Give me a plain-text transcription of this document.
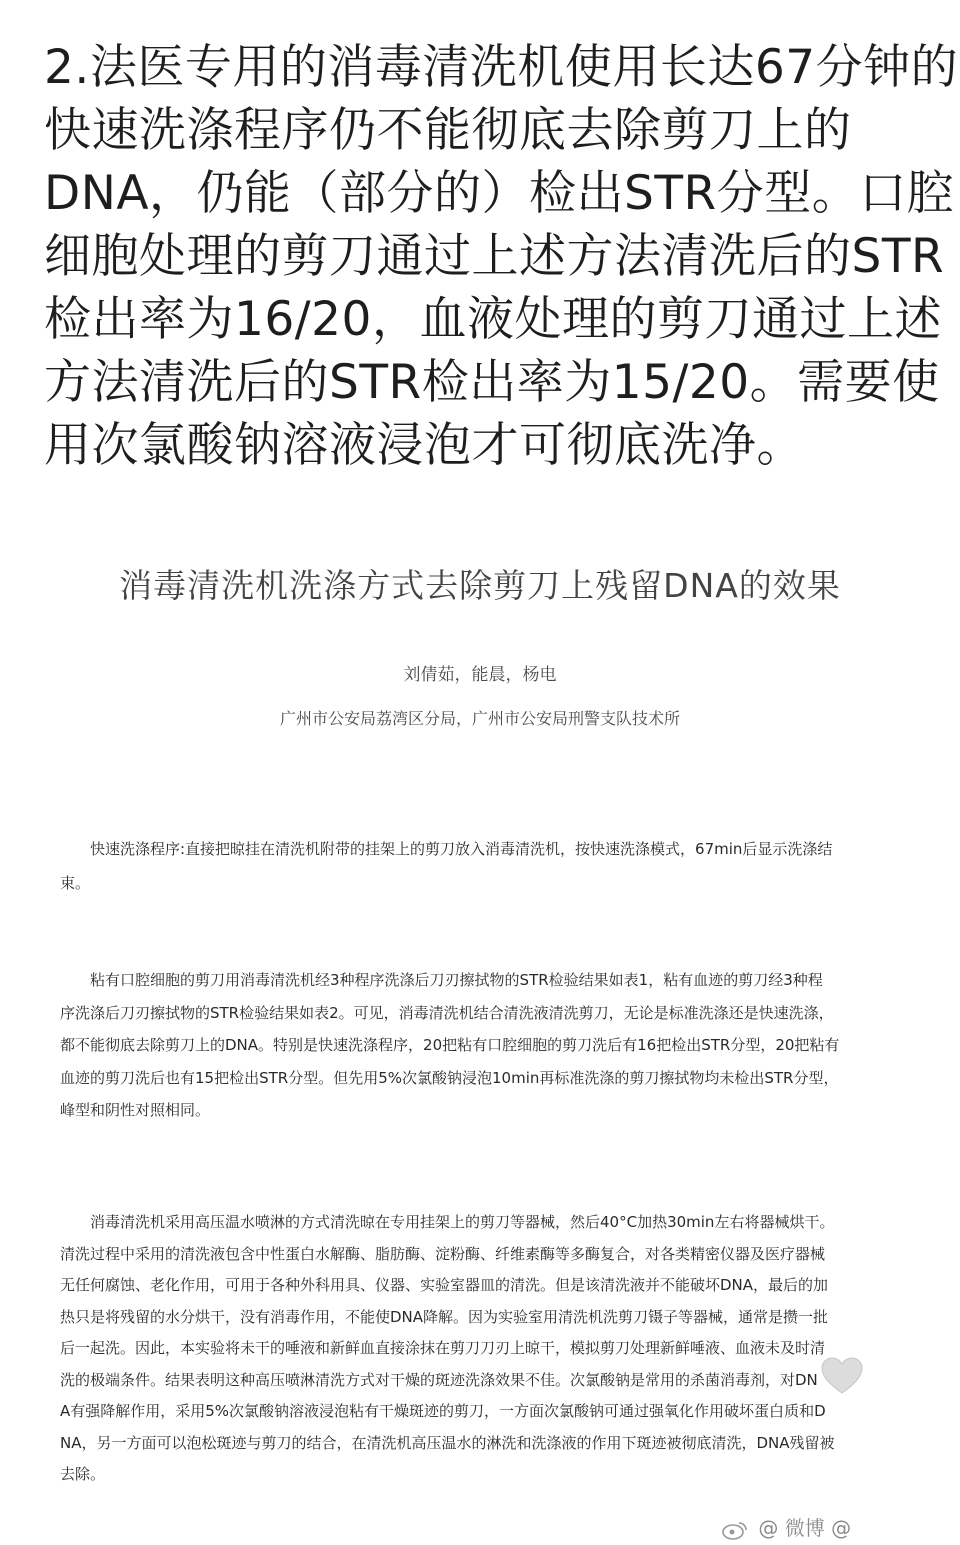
2.法医专用的消毒清洗机使用长达67分钟的
快速洗涤程序仍不能彻底去除剪刀上的
DNA，仍能（部分的）检出STR分型。口腔
细胞处理的剪刀通过上述方法清洗后的STR
检出率为16/20，血液处理的剪刀通过上述
方法清洗后的STR检出率为15/20。需要使
用次氯酸钠溶液浸泡才可彻底洗净。
消毒清洗机洗涤方式去除剪刀上残留DNA的效果
刘倩茹，能晨，杨电
广州市公安局荔湾区分局，广州市公安局刑警支队技术所
快速洗涤程序:直接把晾挂在清洗机附带的挂架上的剪刀放入消毒清洗机，按快速洗涤模式，67min后显示洗涤结
束。
粘有口腔细胞的剪刀用消毒清洗机经3种程序洗涤后刀刃擦拭物的STR检验结果如表1，粘有血迹的剪刀经3种程
序洗涤后刀刃擦拭物的STR检验结果如表2。可见，消毒清洗机结合清洗液清洗剪刀，无论是标准洗涤还是快速洗涤，
都不能彻底去除剪刀上的DNA。特别是快速洗涤程序，20把粘有口腔细胞的剪刀洗后有16把检出STR分型，20把粘有
血迹的剪刀洗后也有15把检出STR分型。但先用5%次氯酸钠浸泡10min再标准洗涤的剪刀擦拭物均未检出STR分型，
峰型和阴性对照相同。
消毒清洗机采用高压温水喷淋的方式清洗晾在专用挂架上的剪刀等器械，然后40°C加热30min左右将器械烘干。
清洗过程中采用的清洗液包含中性蛋白水解酶、脂肪酶、淀粉酶、纤维素酶等多酶复合，对各类精密仪器及医疗器械
无任何腐蚀、老化作用，可用于各种外科用具、仪器、实验室器皿的清洗。但是该清洗液并不能破坏DNA，最后的加
热只是将残留的水分烘干，没有消毒作用，不能使DNA降解。因为实验室用清洗机洗剪刀镊子等器械，通常是攒一批
后一起洗。因此，本实验将未干的唾液和新鲜血直接涂抹在剪刀刀刃上晾干，模拟剪刀处理新鲜唾液、血液未及时清
洗的极端条件。结果表明这种高压喷淋清洗方式对干燥的斑迹洗涤效果不佳。次氯酸钠是常用的杀菌消毒剂，对DN
A有强降解作用，采用5%次氯酸钠溶液浸泡粘有干燥斑迹的剪刀，一方面次氯酸钠可通过强氧化作用破坏蛋白质和D
NA，另一方面可以泡松斑迹与剪刀的结合，在清洗机高压温水的淋洗和洗涤液的作用下斑迹被彻底清洗，DNA残留被
去除。
@ 微博 @
